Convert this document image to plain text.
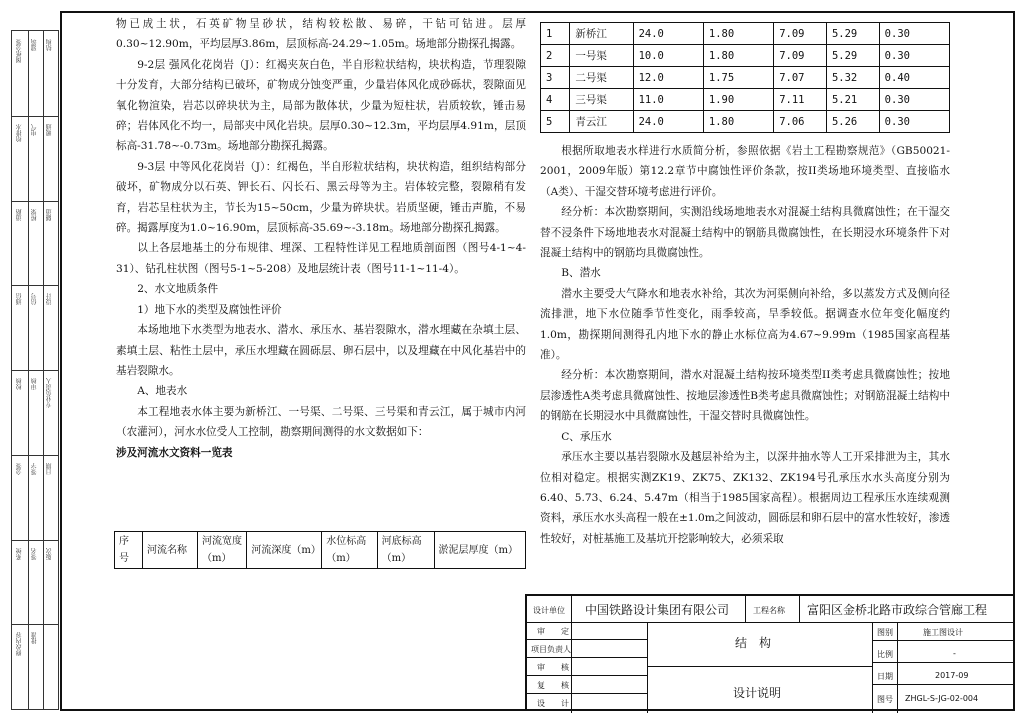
图纸会签 建筑 结构
给排水 电气 暖通
道路 桥梁 隧道
通信 信号 设计
校核 审核 专业负责人
会签 签字 日期
系统 签名 版次
修改内容 批准

物已成土状，石英矿物呈砂状，结构较松散、易碎，干钻可钻进。层厚0.30~12.90m，平均层厚3.86m，层顶标高-24.29~1.05m。场地部分勘探孔揭露。

9-2层 强风化花岗岩（J）：红褐夹灰白色，半自形粒状结构，块状构造，节理裂隙十分发育，大部分结构已破坏，矿物成分蚀变严重，少量岩体风化成砂砾状，裂隙面见氧化物渲染，岩芯以碎块状为主，局部为散体状，少量为短柱状，岩质较软，锤击易碎；岩体风化不均一，局部夹中风化岩块。层厚0.30~12.3m，平均层厚4.91m，层顶标高-31.78~-0.73m。场地部分勘探孔揭露。

9-3层 中等风化花岗岩（J）：红褐色，半自形粒状结构，块状构造，组织结构部分破坏，矿物成分以石英、钾长石、闪长石、黑云母等为主。岩体较完整，裂隙稍有发育，岩芯呈柱状为主，节长为15~50cm，少量为碎块状。岩质坚硬，锤击声脆，不易碎。揭露厚度为1.0~16.90m，层顶标高-35.69~-3.18m。场地部分勘探孔揭露。

以上各层地基土的分布规律、埋深、工程特性详见工程地质剖面图（图号4-1~4-31）、钻孔柱状图（图号5-1~5-208）及地层统计表（图号11-1~11-4）。

2、水文地质条件

1）地下水的类型及腐蚀性评价

本场地地下水类型为地表水、潜水、承压水、基岩裂隙水，潜水埋藏在杂填土层、素填土层、粘性土层中，承压水埋藏在圆砾层、卵石层中，以及埋藏在中风化基岩中的基岩裂隙水。

A、地表水

本工程地表水体主要为新桥江、一号渠、二号渠、三号渠和青云江，属于城市内河（农灌河），河水水位受人工控制，勘察期间测得的水文数据如下：

涉及河流水文资料一览表

序号	河流名称	河流宽度（m）	河流深度（m）	水位标高（m）	河底标高（m）	淤泥层厚度（m）
1	新桥江	24.0	1.80	7.09	5.29	0.30
2	一号渠	10.0	1.80	7.09	5.29	0.30
3	二号渠	12.0	1.75	7.07	5.32	0.40
4	三号渠	11.0	1.90	7.11	5.21	0.30
5	青云江	24.0	1.80	7.06	5.26	0.30

根据所取地表水样进行水质简分析，参照依据《岩土工程勘察规范》（GB50021-2001，2009年版）第12.2章节中腐蚀性评价条款，按II类场地环境类型、直接临水（A类）、干湿交替环境考虑进行评价。

经分析：本次勘察期间，实测沿线场地地表水对混凝土结构具微腐蚀性；在干湿交替不浸条件下场地地表水对混凝土结构中的钢筋具微腐蚀性，在长期浸水环境条件下对混凝土结构中的钢筋均具微腐蚀性。

B、潜水

潜水主要受大气降水和地表水补给，其次为河渠侧向补给，多以蒸发方式及侧向径流排泄，地下水位随季节性变化，雨季较高，旱季较低。据调查水位年变化幅度约1.0m，勘探期间测得孔内地下水的静止水标位高为4.67~9.99m（1985国家高程基准）。

经分析：本次勘察期间，潜水对混凝土结构按环境类型II类考虑具微腐蚀性；按地层渗透性A类考虑具微腐蚀性、按地层渗透性B类考虑具微腐蚀性；对钢筋混凝土结构中的钢筋在长期浸水中具微腐蚀性，干湿交替时具微腐蚀性。

C、承压水

承压水主要以基岩裂隙水及越层补给为主，以深井抽水等人工开采排泄为主，其水位相对稳定。根据实测ZK19、ZK75、ZK132、ZK194号孔承压水水头高度分别为6.40、5.73、6.24、5.47m（相当于1985国家高程）。根据周边工程承压水连续观测资料，承压水水头高程一般在±1.0m之间波动，圆砾层和卵石层中的富水性较好，渗透性较好，对桩基施工及基坑开挖影响较大，必须采取

设计单位 中国铁路设计集团有限公司	工程名称 富阳区金桥北路市政综合管廊工程
审　　定
项目负责人
审　　核
复　　核
设　　计
结　构
设计说明
图别	施工图设计
比例	-
日期	2017-09
图号 ZHGL-S-JG-02-004
